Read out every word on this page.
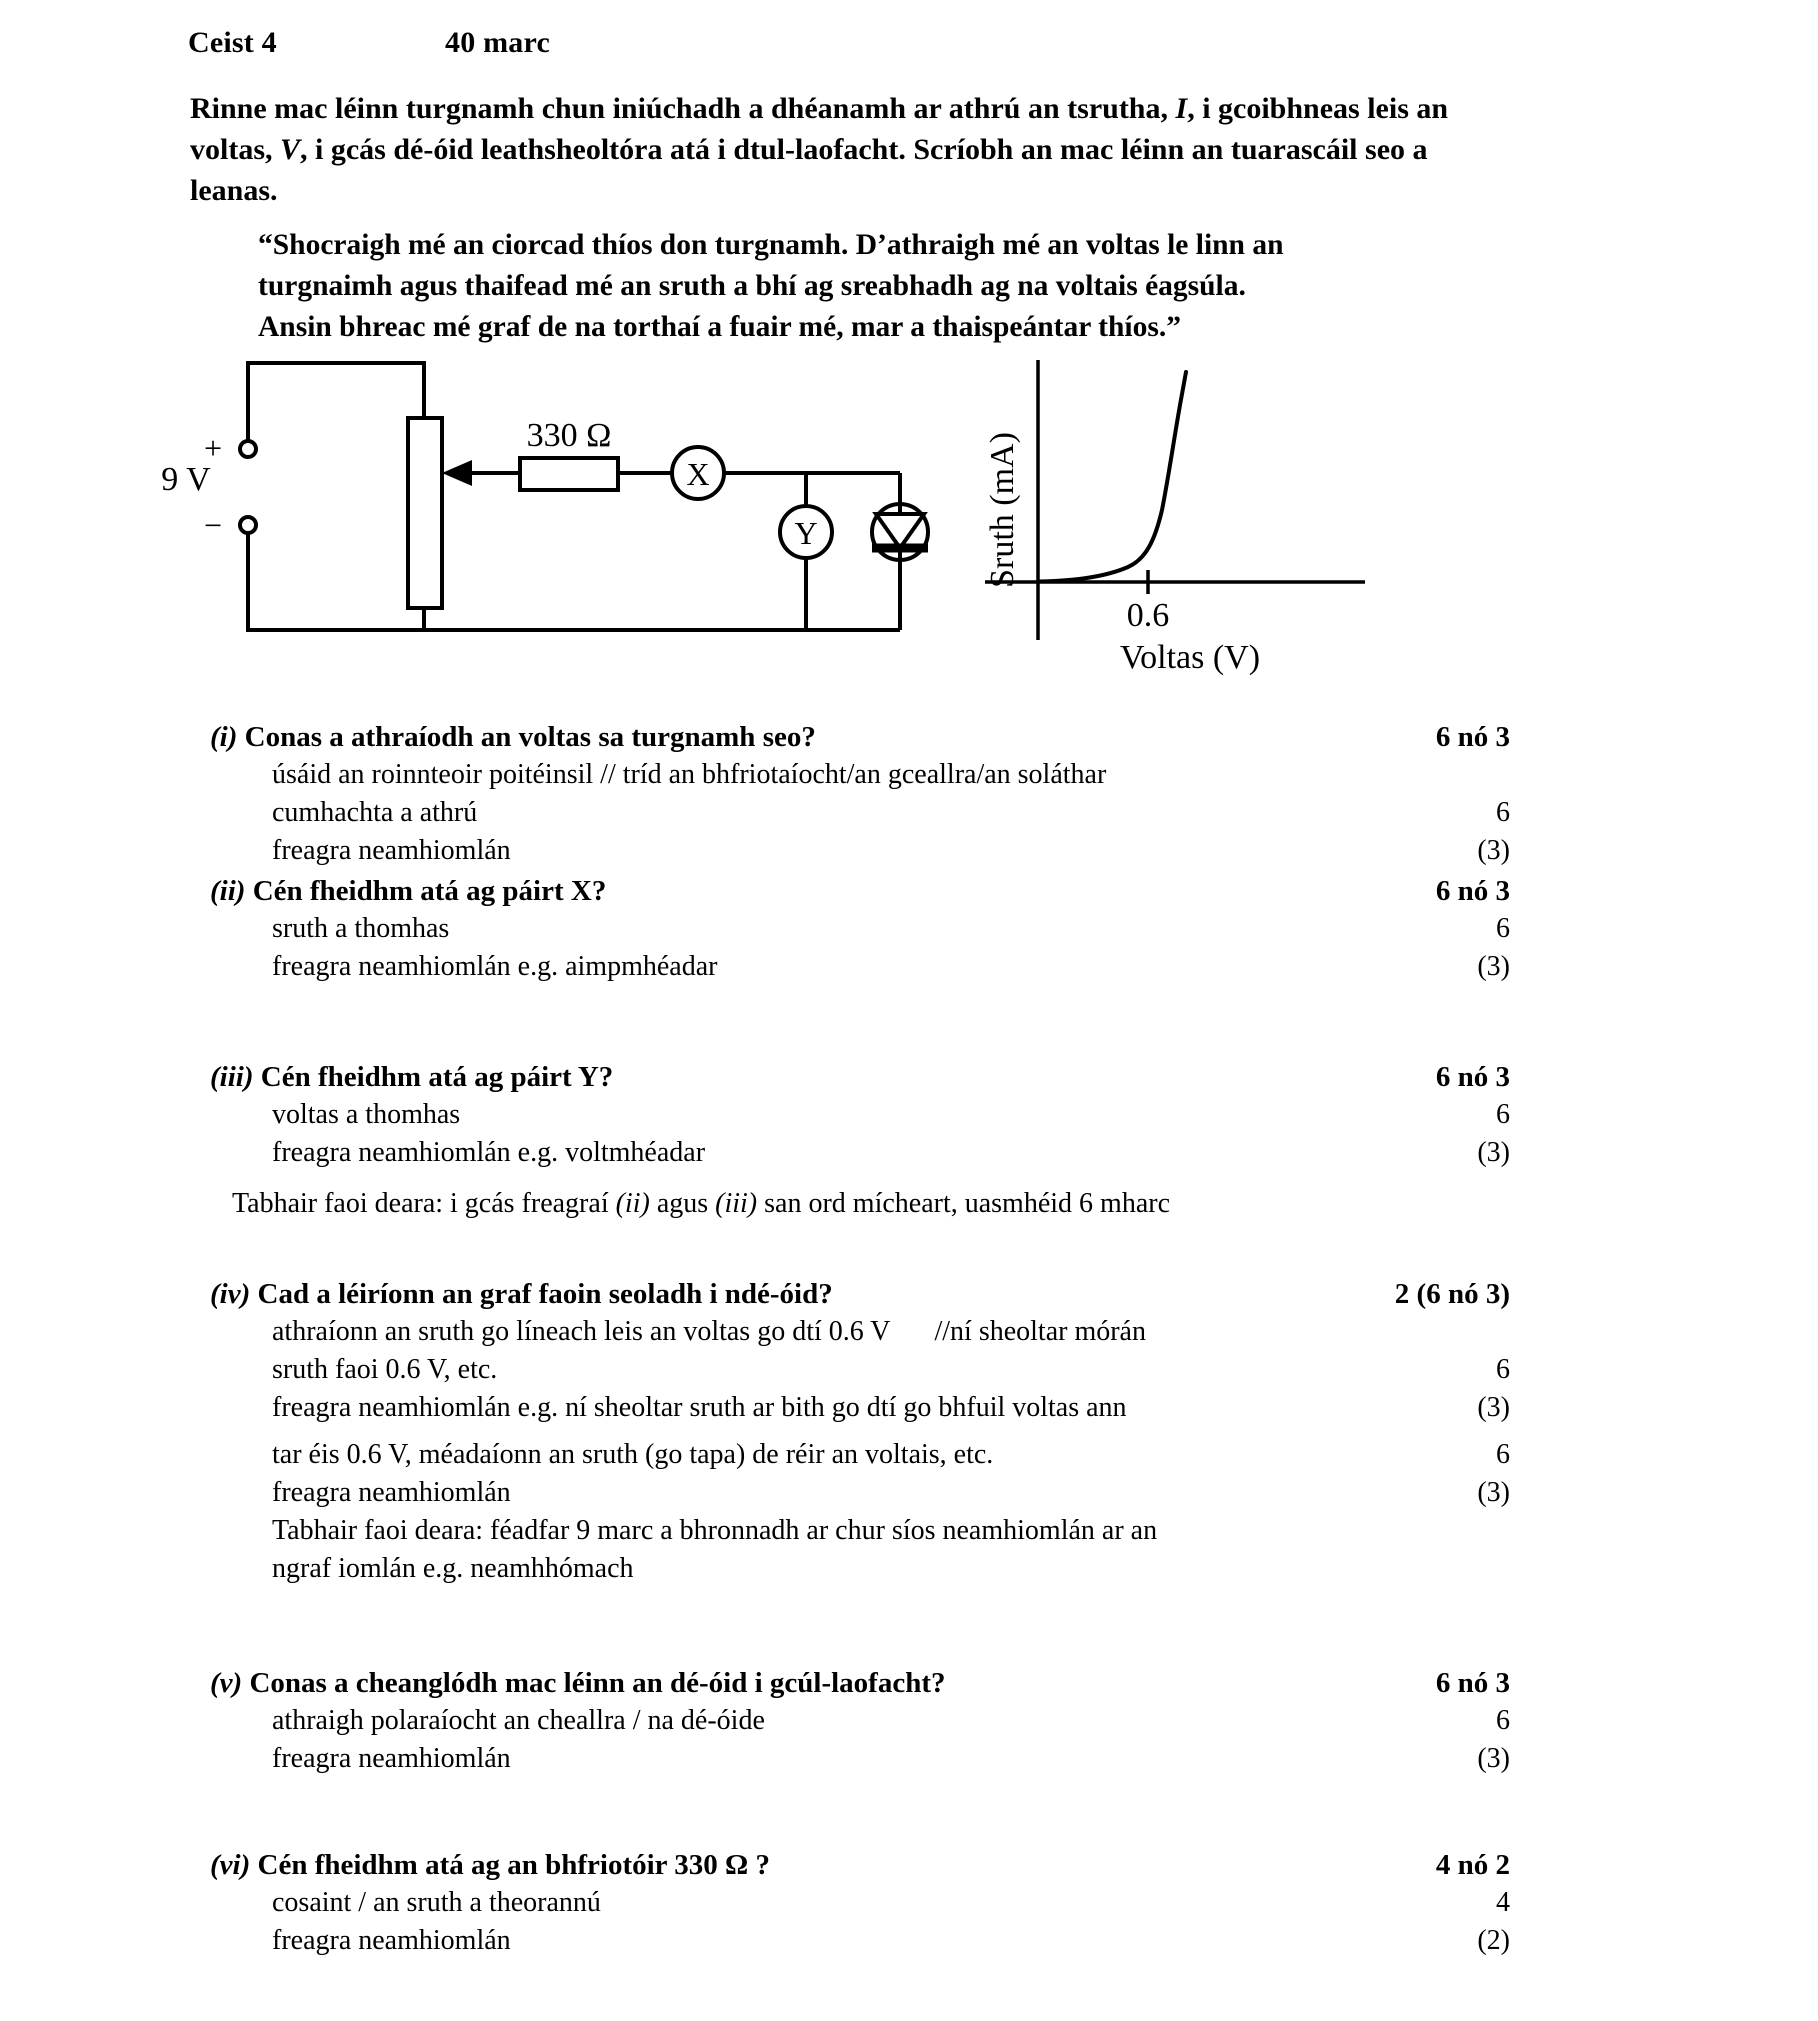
Ceist 4	40 marc
Rinne mac léinn turgnamh chun iniúchadh a dhéanamh ar athrú an tsrutha, I, i gcoibhneas leis an voltas, V, i gcás dé-óid leathsheoltóra atá i dtul-laofacht. Scríobh an mac léinn an tuarascáil seo a leanas.
“Shocraigh mé an ciorcad thíos don turgnamh. D’athraigh mé an voltas le linn an
turgnaimh agus thaifead mé an sruth a bhí ag sreabhadh ag na voltais éagsúla.
Ansin bhreac mé graf de na torthaí a fuair mé, mar a thaispeántar thíos.”
+
−
9 V
330 Ω
X
Y	Sruth (mA)
0.6
Voltas (V)
(i) Conas a athraíodh an voltas sa turgnamh seo?	6 nó 3
úsáid an roinnteoir poitéinsil // tríd an bhfriotaíocht/an gceallra/an soláthar
cumhachta a athrú	6
freagra neamhiomlán	(3)
(ii) Cén fheidhm atá ag páirt X?	6 nó 3
sruth a thomhas	6
freagra neamhiomlán e.g. aimpmhéadar	(3)
(iii) Cén fheidhm atá ag páirt Y?	6 nó 3
voltas a thomhas	6
freagra neamhiomlán e.g. voltmhéadar	(3)
Tabhair faoi deara: i gcás freagraí (ii) agus (iii) san ord mícheart, uasmhéid 6 mharc
(iv) Cad a léiríonn an graf faoin seoladh i ndé-óid?	2 (6 nó 3)
athraíonn an sruth go líneach leis an voltas go dtí 0.6 V //ní sheoltar mórán
sruth faoi 0.6 V, etc.	6
freagra neamhiomlán e.g. ní sheoltar sruth ar bith go dtí go bhfuil voltas ann	(3)
tar éis 0.6 V, méadaíonn an sruth (go tapa) de réir an voltais, etc.	6
freagra neamhiomlán	(3)
Tabhair faoi deara: féadfar 9 marc a bhronnadh ar chur síos neamhiomlán ar an
ngraf iomlán e.g. neamhhómach
(v) Conas a cheanglódh mac léinn an dé-óid i gcúl-laofacht?	6 nó 3
athraigh polaraíocht an cheallra / na dé-óide	6
freagra neamhiomlán	(3)
(vi) Cén fheidhm atá ag an bhfriotóir 330 Ω ?	4 nó 2
cosaint / an sruth a theorannú	4
freagra neamhiomlán	(2)
